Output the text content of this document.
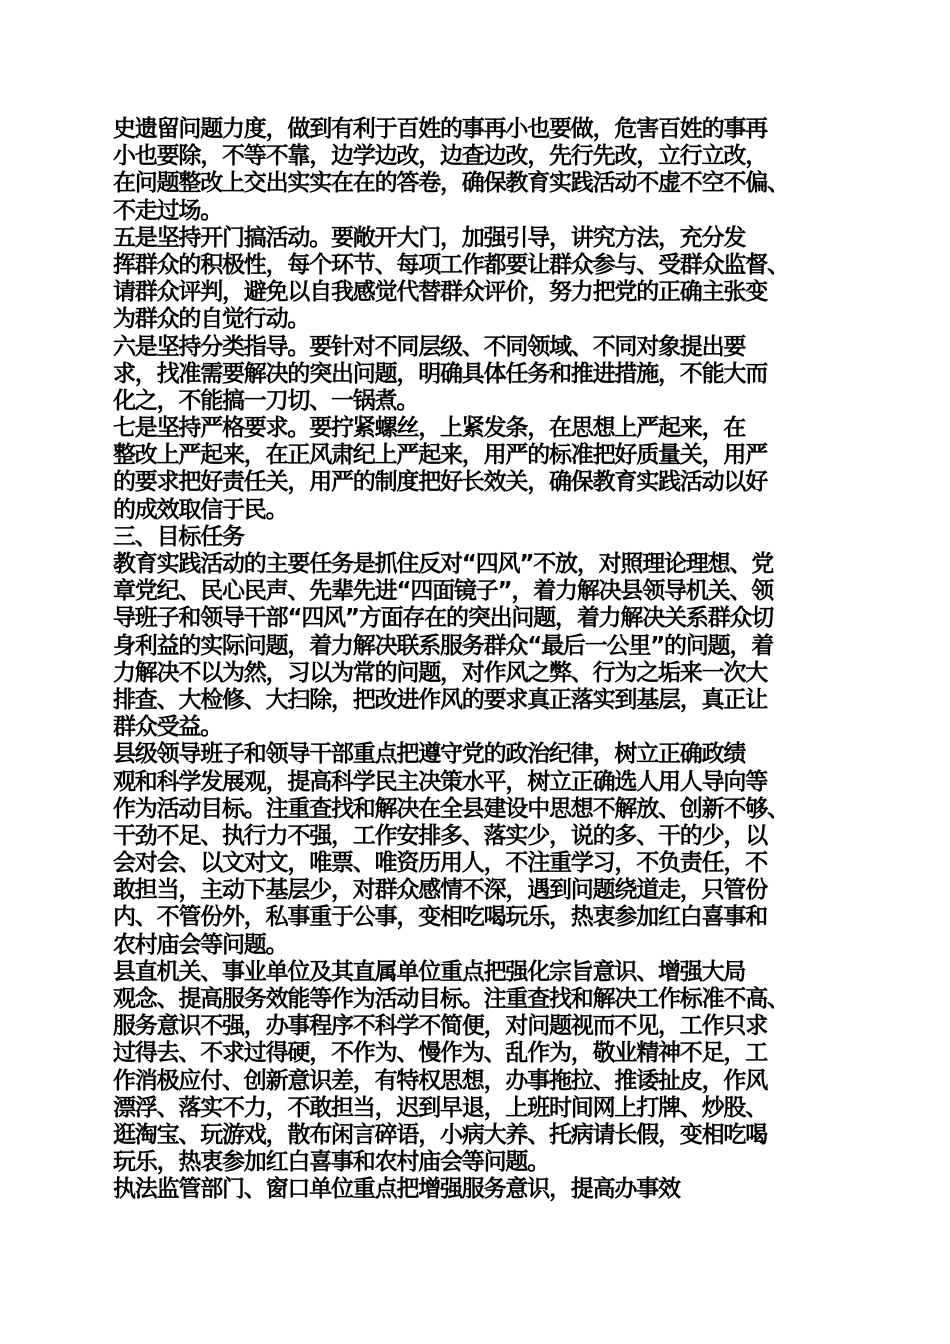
史遗留问题力度，做到有利于百姓的事再小也要做，危害百姓的事再
小也要除，不等不靠，边学边改，边查边改，先行先改，立行立改，
在问题整改上交出实实在在的答卷，确保教育实践活动不虚不空不偏、
不走过场。
五是坚持开门搞活动。要敞开大门，加强引导，讲究方法，充分发
挥群众的积极性，每个环节、每项工作都要让群众参与、受群众监督、
请群众评判，避免以自我感觉代替群众评价，努力把党的正确主张变
为群众的自觉行动。
六是坚持分类指导。要针对不同层级、不同领域、不同对象提出要
求，找准需要解决的突出问题，明确具体任务和推进措施，不能大而
化之，不能搞一刀切、一锅煮。
七是坚持严格要求。要拧紧螺丝，上紧发条，在思想上严起来，在
整改上严起来，在正风肃纪上严起来，用严的标准把好质量关，用严
的要求把好责任关，用严的制度把好长效关，确保教育实践活动以好
的成效取信于民。
三、目标任务
教育实践活动的主要任务是抓住反对“四风”不放，对照理论理想、党
章党纪、民心民声、先辈先进“四面镜子”，着力解决县领导机关、领
导班子和领导干部“四风”方面存在的突出问题，着力解决关系群众切
身利益的实际问题，着力解决联系服务群众“最后一公里”的问题，着
力解决不以为然，习以为常的问题，对作风之弊、行为之垢来一次大
排查、大检修、大扫除，把改进作风的要求真正落实到基层，真正让
群众受益。
县级领导班子和领导干部重点把遵守党的政治纪律，树立正确政绩
观和科学发展观，提高科学民主决策水平，树立正确选人用人导向等
作为活动目标。注重查找和解决在全县建设中思想不解放、创新不够、
干劲不足、执行力不强，工作安排多、落实少，说的多、干的少，以
会对会、以文对文，唯票、唯资历用人，不注重学习，不负责任，不
敢担当，主动下基层少，对群众感情不深，遇到问题绕道走，只管份
内、不管份外，私事重于公事，变相吃喝玩乐，热衷参加红白喜事和
农村庙会等问题。
县直机关、事业单位及其直属单位重点把强化宗旨意识、增强大局
观念、提高服务效能等作为活动目标。注重查找和解决工作标准不高、
服务意识不强，办事程序不科学不简便，对问题视而不见，工作只求
过得去、不求过得硬，不作为、慢作为、乱作为，敬业精神不足，工
作消极应付、创新意识差，有特权思想，办事拖拉、推诿扯皮，作风
漂浮、落实不力，不敢担当，迟到早退，上班时间网上打牌、炒股、
逛淘宝、玩游戏，散布闲言碎语，小病大养、托病请长假，变相吃喝
玩乐，热衷参加红白喜事和农村庙会等问题。
执法监管部门、窗口单位重点把增强服务意识，提高办事效
